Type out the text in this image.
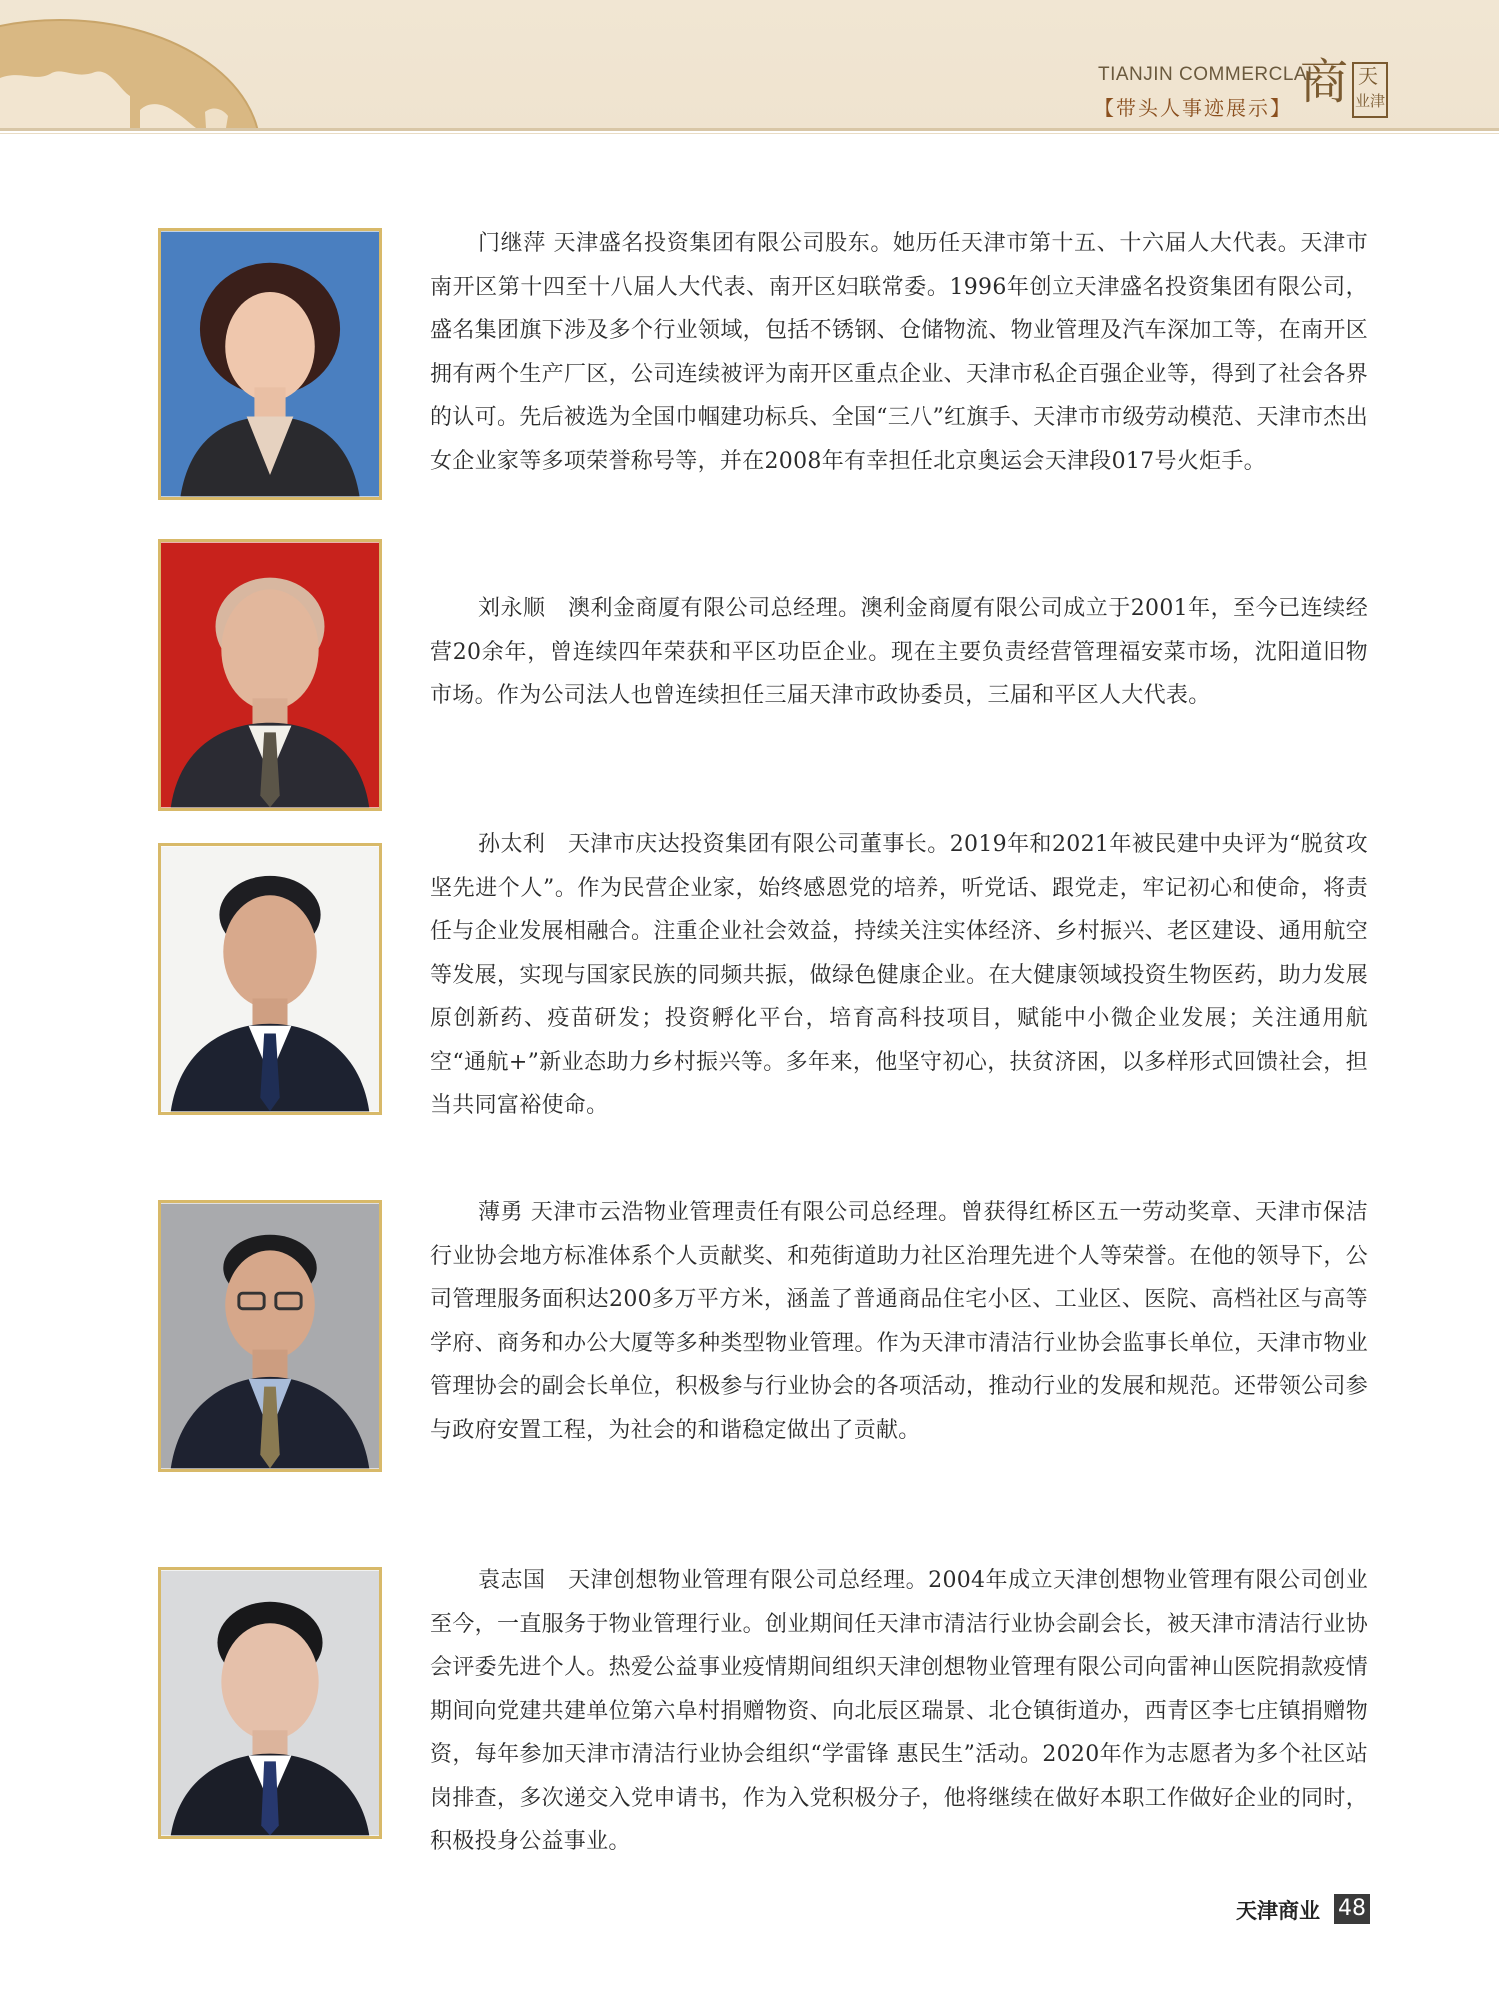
TIANJIN COMMERCLAL
【带头人事迹展示】 商 天
业津

门继萍 天津盛名投资集团有限公司股东。她历任天津市第十五、十六届人大代表。天津市南开区第十四至十八届人大代表、南开区妇联常委。1996年创立天津盛名投资集团有限公司，盛名集团旗下涉及多个行业领域，包括不锈钢、仓储物流、物业管理及汽车深加工等，在南开区拥有两个生产厂区，公司连续被评为南开区重点企业、天津市私企百强企业等，得到了社会各界的认可。先后被选为全国巾帼建功标兵、全国“三八”红旗手、天津市市级劳动模范、天津市杰出女企业家等多项荣誉称号等，并在2008年有幸担任北京奥运会天津段017号火炬手。

刘永顺　澳利金商厦有限公司总经理。澳利金商厦有限公司成立于2001年，至今已连续经营20余年，曾连续四年荣获和平区功臣企业。现在主要负责经营管理福安菜市场，沈阳道旧物市场。作为公司法人也曾连续担任三届天津市政协委员，三届和平区人大代表。

孙太利　天津市庆达投资集团有限公司董事长。2019年和2021年被民建中央评为“脱贫攻坚先进个人”。作为民营企业家，始终感恩党的培养，听党话、跟党走，牢记初心和使命，将责任与企业发展相融合。注重企业社会效益，持续关注实体经济、乡村振兴、老区建设、通用航空等发展，实现与国家民族的同频共振，做绿色健康企业。在大健康领域投资生物医药，助力发展原创新药、疫苗研发；投资孵化平台，培育高科技项目，赋能中小微企业发展；关注通用航空“通航+”新业态助力乡村振兴等。多年来，他坚守初心，扶贫济困，以多样形式回馈社会，担当共同富裕使命。

薄勇 天津市云浩物业管理责任有限公司总经理。曾获得红桥区五一劳动奖章、天津市保洁行业协会地方标准体系个人贡献奖、和苑街道助力社区治理先进个人等荣誉。在他的领导下，公司管理服务面积达200多万平方米，涵盖了普通商品住宅小区、工业区、医院、高档社区与高等学府、商务和办公大厦等多种类型物业管理。作为天津市清洁行业协会监事长单位，天津市物业管理协会的副会长单位，积极参与行业协会的各项活动，推动行业的发展和规范。还带领公司参与政府安置工程，为社会的和谐稳定做出了贡献。

袁志国　天津创想物业管理有限公司总经理。2004年成立天津创想物业管理有限公司创业至今，一直服务于物业管理行业。创业期间任天津市清洁行业协会副会长，被天津市清洁行业协会评委先进个人。热爱公益事业疫情期间组织天津创想物业管理有限公司向雷神山医院捐款疫情期间向党建共建单位第六阜村捐赠物资、向北辰区瑞景、北仓镇街道办，西青区李七庄镇捐赠物资，每年参加天津市清洁行业协会组织“学雷锋 惠民生”活动。2020年作为志愿者为多个社区站岗排查，多次递交入党申请书，作为入党积极分子，他将继续在做好本职工作做好企业的同时，积极投身公益事业。

天津商业 48
